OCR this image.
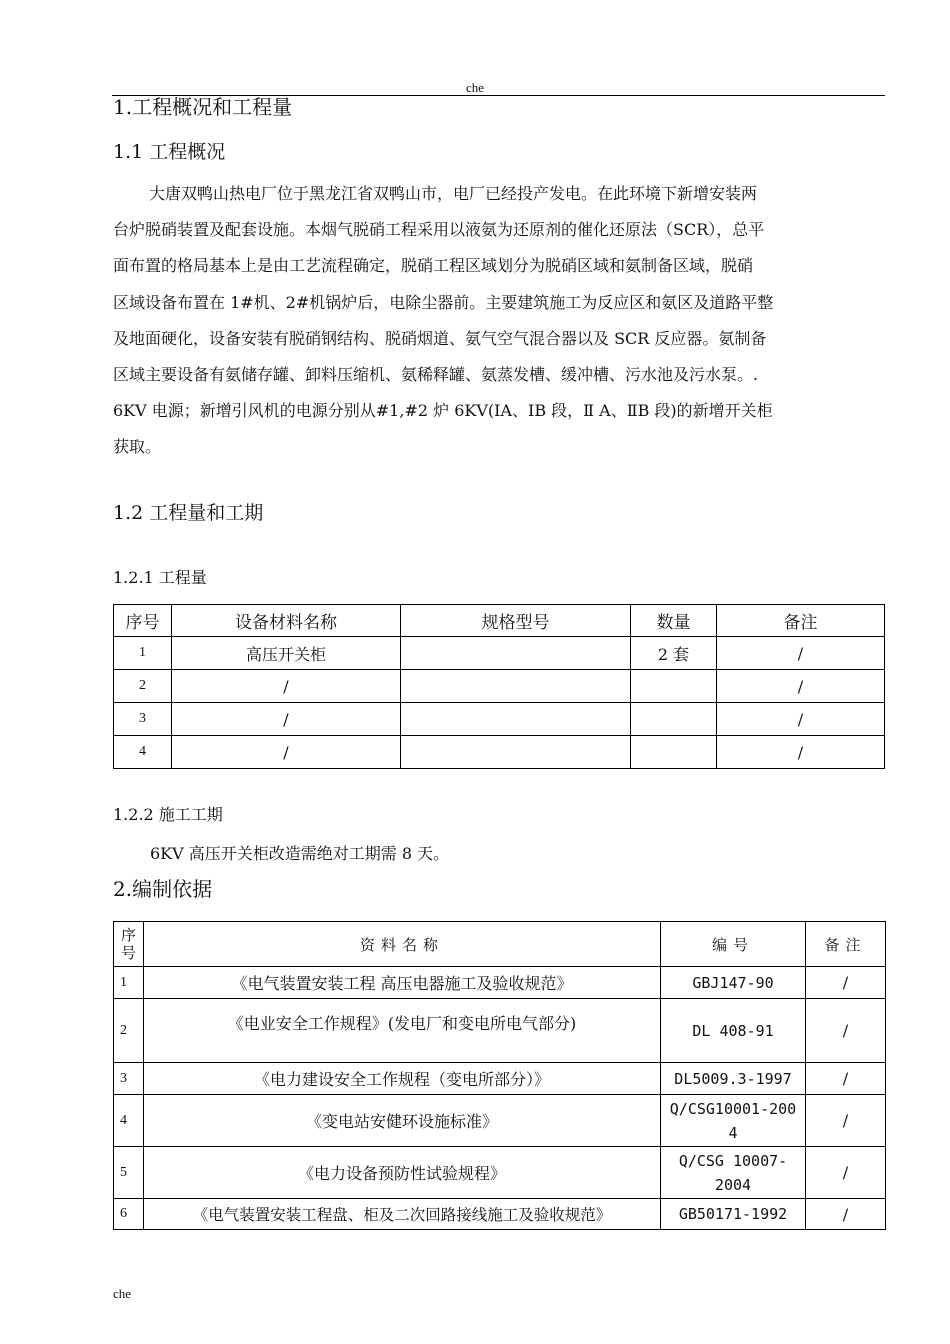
che
1.工程概况和工程量
1.1 工程概况
大唐双鸭山热电厂位于黑龙江省双鸭山市，电厂已经投产发电。在此环境下新增安装两
台炉脱硝装置及配套设施。本烟气脱硝工程采用以液氨为还原剂的催化还原法（SCR），总平
面布置的格局基本上是由工艺流程确定，脱硝工程区域划分为脱硝区域和氨制备区域，脱硝
区域设备布置在 1#机、2#机锅炉后，电除尘器前。主要建筑施工为反应区和氨区及道路平整
及地面硬化，设备安装有脱硝钢结构、脱硝烟道、氨气空气混合器以及 SCR 反应器。氨制备
区域主要设备有氨储存罐、卸料压缩机、氨稀释罐、氨蒸发槽、缓冲槽、污水池及污水泵。.
6KV 电源；新增引风机的电源分别从#1,#2 炉 6KV(ⅠA、ⅠB 段，Ⅱ A、ⅡB 段)的新增开关柜
获取。
1.2 工程量和工期
1.2.1 工程量
序号	设备材料名称	规格型号	数量	备注
1	高压开关柜		2 套	/
2	/			/
3	/			/
4	/			/
1.2.2 施工工期
6KV 高压开关柜改造需绝对工期需 8 天。
2.编制依据
序号	资料名称	编号	备注
1	《电气装置安装工程 高压电器施工及验收规范》	GBJ147-90	/
2	《电业安全工作规程》(发电厂和变电所电气部分)	DL 408-91	/
3	《电力建设安全工作规程（变电所部分）》	DL5009.3-1997	/
4	《变电站安健环设施标准》	Q/CSG10001-2004	/
5	《电力设备预防性试验规程》	Q/CSG 10007-2004	/
6	《电气装置安装工程盘、柜及二次回路接线施工及验收规范》	GB50171-1992	/
che
